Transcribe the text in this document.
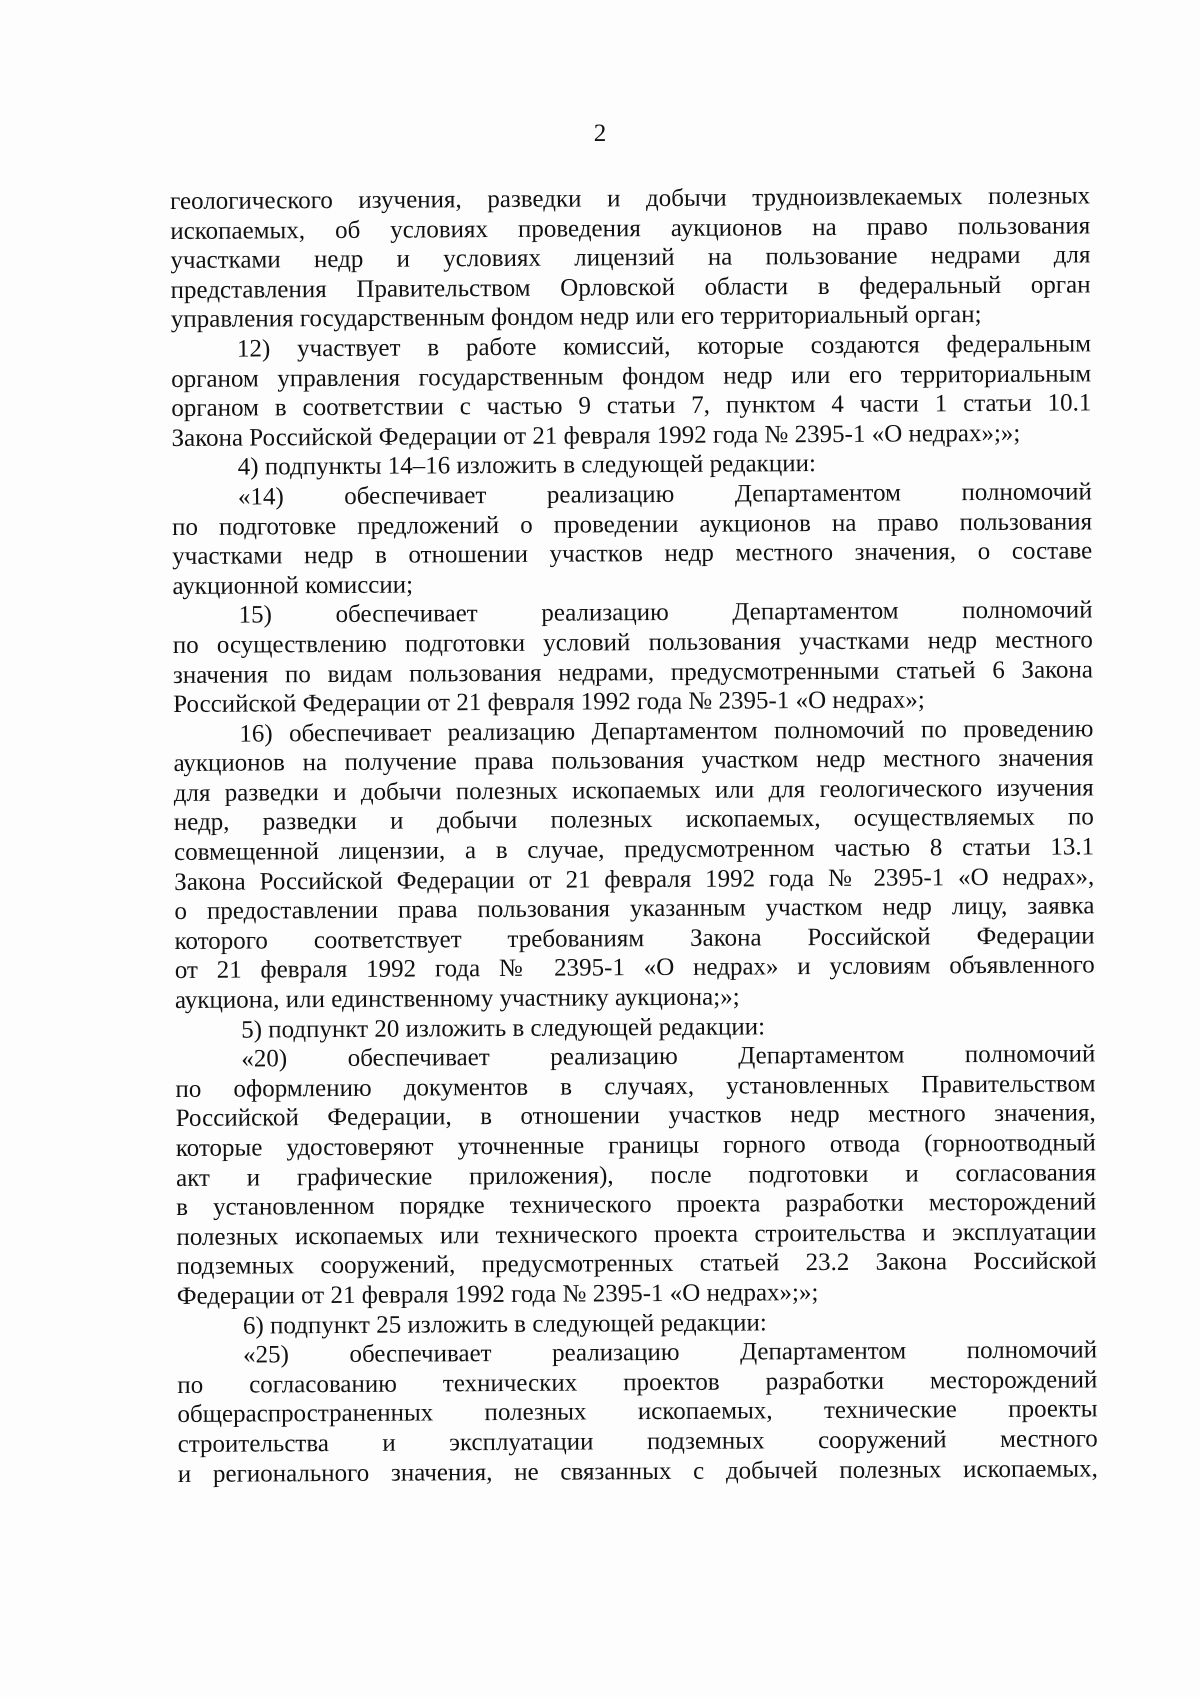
2
геологического изучения, разведки и добычи трудноизвлекаемых полезных
ископаемых, об условиях проведения аукционов на право пользования
участками недр и условиях лицензий на пользование недрами для
представления Правительством Орловской области в федеральный орган
управления государственным фондом недр или его территориальный орган;
12) участвует в работе комиссий, которые создаются федеральным
органом управления государственным фондом недр или его территориальным
органом в соответствии с частью 9 статьи 7, пунктом 4 части 1 статьи 10.1
Закона Российской Федерации от 21 февраля 1992 года № 2395-1 «О недрах»;»;
4) подпункты 14–16 изложить в следующей редакции:
«14) обеспечивает реализацию Департаментом полномочий
по подготовке предложений о проведении аукционов на право пользования
участками недр в отношении участков недр местного значения, о составе
аукционной комиссии;
15) обеспечивает реализацию Департаментом полномочий
по осуществлению подготовки условий пользования участками недр местного
значения по видам пользования недрами, предусмотренными статьей 6 Закона
Российской Федерации от 21 февраля 1992 года № 2395-1 «О недрах»;
16) обеспечивает реализацию Департаментом полномочий по проведению
аукционов на получение права пользования участком недр местного значения
для разведки и добычи полезных ископаемых или для геологического изучения
недр, разведки и добычи полезных ископаемых, осуществляемых по
совмещенной лицензии, а в случае, предусмотренном частью 8 статьи 13.1
Закона Российской Федерации от 21 февраля 1992 года № 2395-1 «О недрах»,
о предоставлении права пользования указанным участком недр лицу, заявка
которого соответствует требованиям Закона Российской Федерации
от 21 февраля 1992 года № 2395-1 «О недрах» и условиям объявленного
аукциона, или единственному участнику аукциона;»;
5) подпункт 20 изложить в следующей редакции:
«20) обеспечивает реализацию Департаментом полномочий
по оформлению документов в случаях, установленных Правительством
Российской Федерации, в отношении участков недр местного значения,
которые удостоверяют уточненные границы горного отвода (горноотводный
акт и графические приложения), после подготовки и согласования
в установленном порядке технического проекта разработки месторождений
полезных ископаемых или технического проекта строительства и эксплуатации
подземных сооружений, предусмотренных статьей 23.2 Закона Российской
Федерации от 21 февраля 1992 года № 2395-1 «О недрах»;»;
6) подпункт 25 изложить в следующей редакции:
«25) обеспечивает реализацию Департаментом полномочий
по согласованию технических проектов разработки месторождений
общераспространенных полезных ископаемых, технические проекты
строительства и эксплуатации подземных сооружений местного
и регионального значения, не связанных с добычей полезных ископаемых,
